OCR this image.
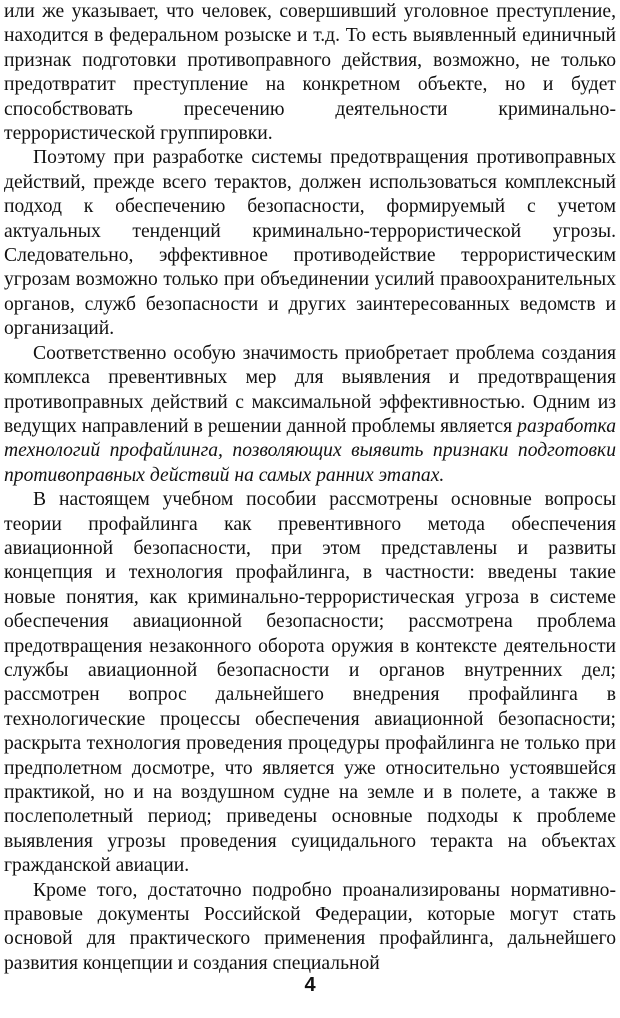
или же указывает, что человек, совершивший уголовное преступление, находится в федеральном розыске и т.д. То есть выявленный единичный признак подготовки противоправного действия, возможно, не только предотвратит преступление на конкретном объекте, но и будет способствовать пресечению деятельности криминально-террористической группировки.

Поэтому при разработке системы предотвращения противоправных действий, прежде всего терактов, должен использоваться комплексный подход к обеспечению безопасности, формируемый с учетом актуальных тенденций криминально-террористической угрозы. Следовательно, эффективное противодействие террористическим угрозам возможно только при объединении усилий правоохранительных органов, служб безопасности и других заинтересованных ведомств и организаций.

Соответственно особую значимость приобретает проблема создания комплекса превентивных мер для выявления и предотвращения противоправных действий с максимальной эффективностью. Одним из ведущих направлений в решении данной проблемы является разработка технологий профайлинга, позволяющих выявить признаки подготовки противоправных действий на самых ранних этапах.

В настоящем учебном пособии рассмотрены основные вопросы теории профайлинга как превентивного метода обеспечения авиационной безопасности, при этом представлены и развиты концепция и технология профайлинга, в частности: введены такие новые понятия, как криминально-террористическая угроза в системе обеспечения авиационной безопасности; рассмотрена проблема предотвращения незаконного оборота оружия в контексте деятельности службы авиационной безопасности и органов внутренних дел; рассмотрен вопрос дальнейшего внедрения профайлинга в технологические процессы обеспечения авиационной безопасности; раскрыта технология проведения процедуры профайлинга не только при предполетном досмотре, что является уже относительно устоявшейся практикой, но и на воздушном судне на земле и в полете, а также в послеполетный период; приведены основные подходы к проблеме выявления угрозы проведения суицидального теракта на объектах гражданской авиации.

Кроме того, достаточно подробно проанализированы нормативно-правовые документы Российской Федерации, которые могут стать основой для практического применения профайлинга, дальнейшего развития концепции и создания специальной

4
